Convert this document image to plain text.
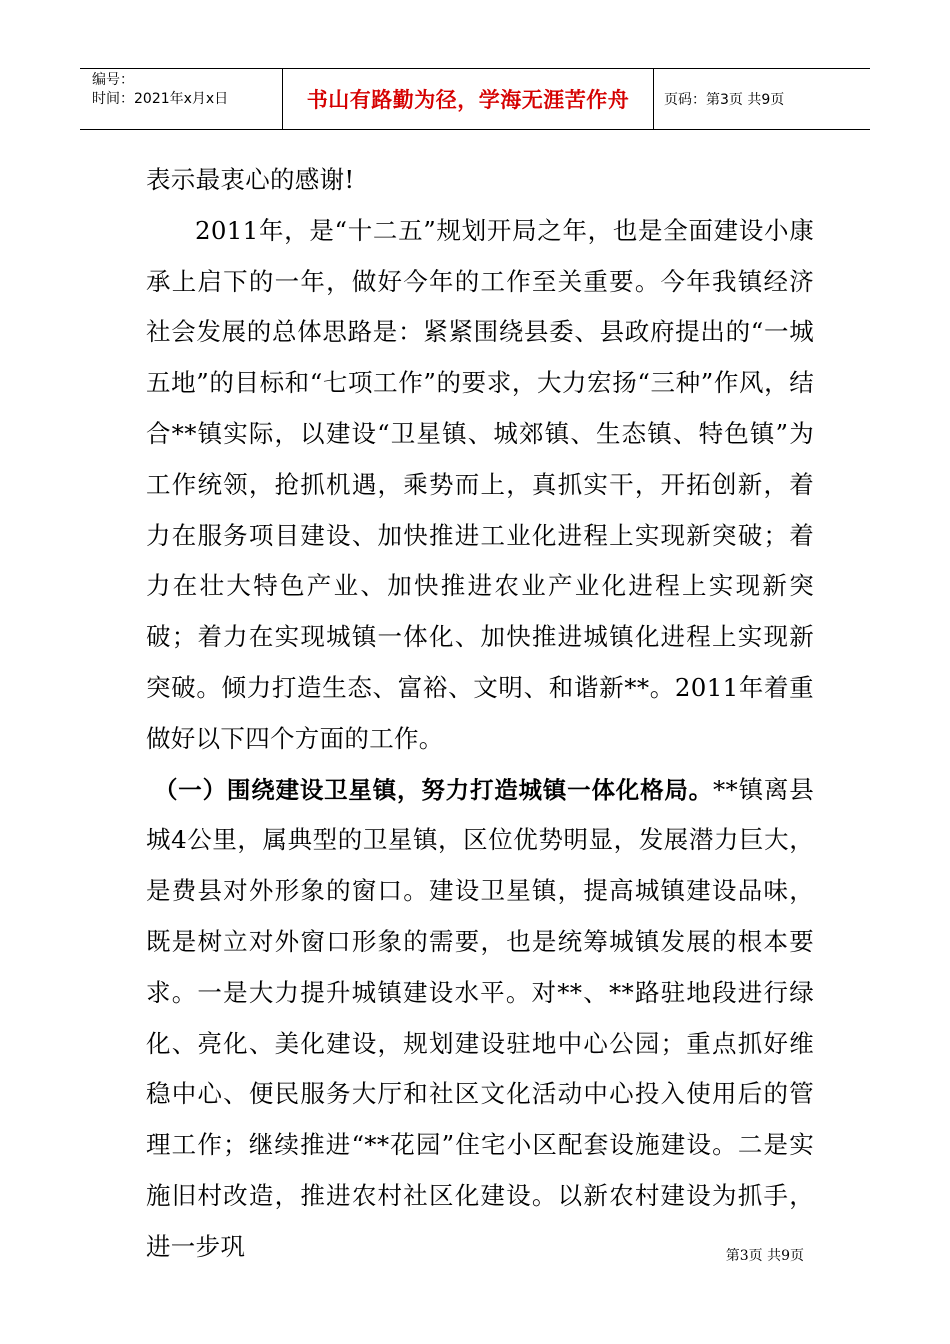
编号：
时间：2021年x月x日	书山有路勤为径，学海无涯苦作舟	页码：第3页 共9页

表示最衷心的感谢!

2011年，是“十二五”规划开局之年，也是全面建设小康承上启下的一年，做好今年的工作至关重要。今年我镇经济社会发展的总体思路是：紧紧围绕县委、县政府提出的“一城五地”的目标和“七项工作”的要求，大力宏扬“三种”作风，结合**镇实际，以建设“卫星镇、城郊镇、生态镇、特色镇”为工作统领，抢抓机遇，乘势而上，真抓实干，开拓创新，着力在服务项目建设、加快推进工业化进程上实现新突破；着力在壮大特色产业、加快推进农业产业化进程上实现新突破；着力在实现城镇一体化、加快推进城镇化进程上实现新突破。倾力打造生态、富裕、文明、和谐新**。2011年着重做好以下四个方面的工作。

（一）围绕建设卫星镇，努力打造城镇一体化格局。**镇离县城4公里，属典型的卫星镇，区位优势明显，发展潜力巨大，是费县对外形象的窗口。建设卫星镇，提高城镇建设品味，既是树立对外窗口形象的需要，也是统筹城镇发展的根本要求。一是大力提升城镇建设水平。对**、**路驻地段进行绿化、亮化、美化建设，规划建设驻地中心公园；重点抓好维稳中心、便民服务大厅和社区文化活动中心投入使用后的管理工作；继续推进“**花园”住宅小区配套设施建设。二是实施旧村改造，推进农村社区化建设。以新农村建设为抓手，进一步巩	第3页 共9页
